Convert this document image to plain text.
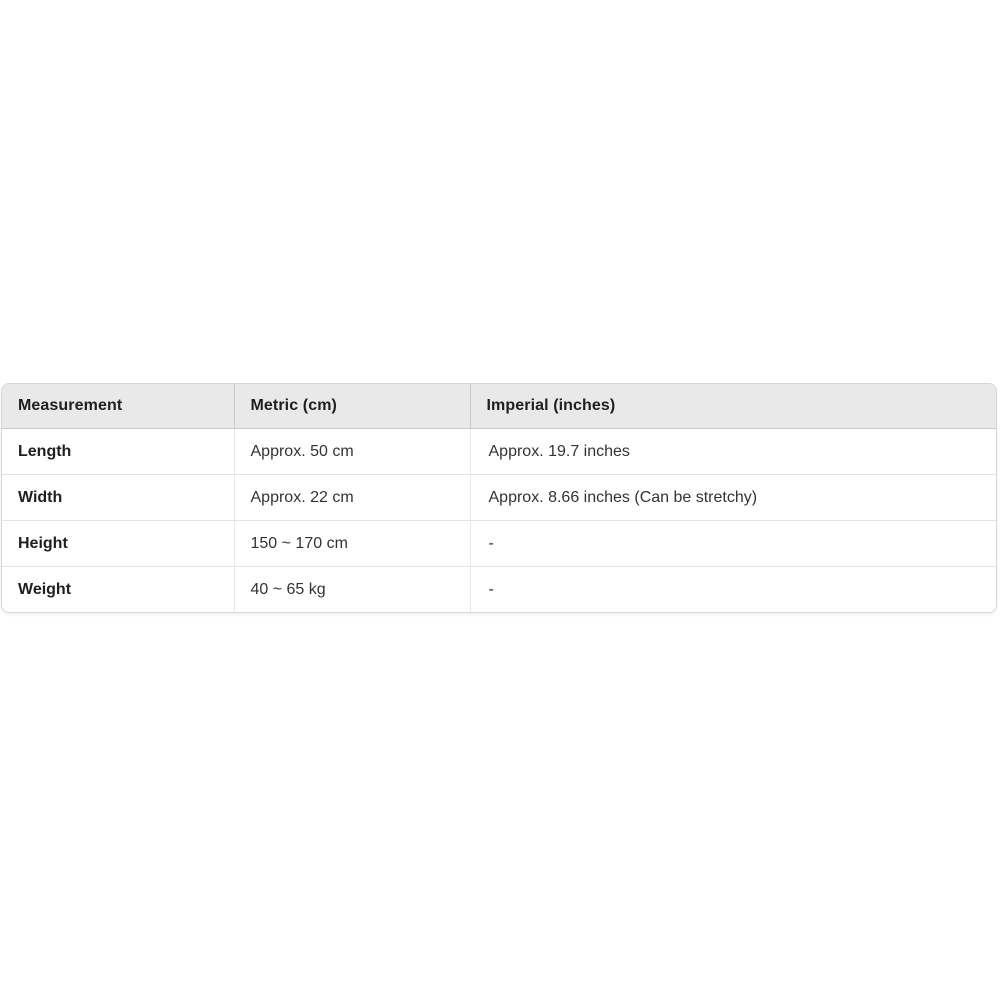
Measurement	Metric (cm)	Imperial (inches)
Length	Approx. 50 cm	Approx. 19.7 inches
Width	Approx. 22 cm	Approx. 8.66 inches (Can be stretchy)
Height	150 ~ 170 cm	-
Weight	40 ~ 65 kg	-
